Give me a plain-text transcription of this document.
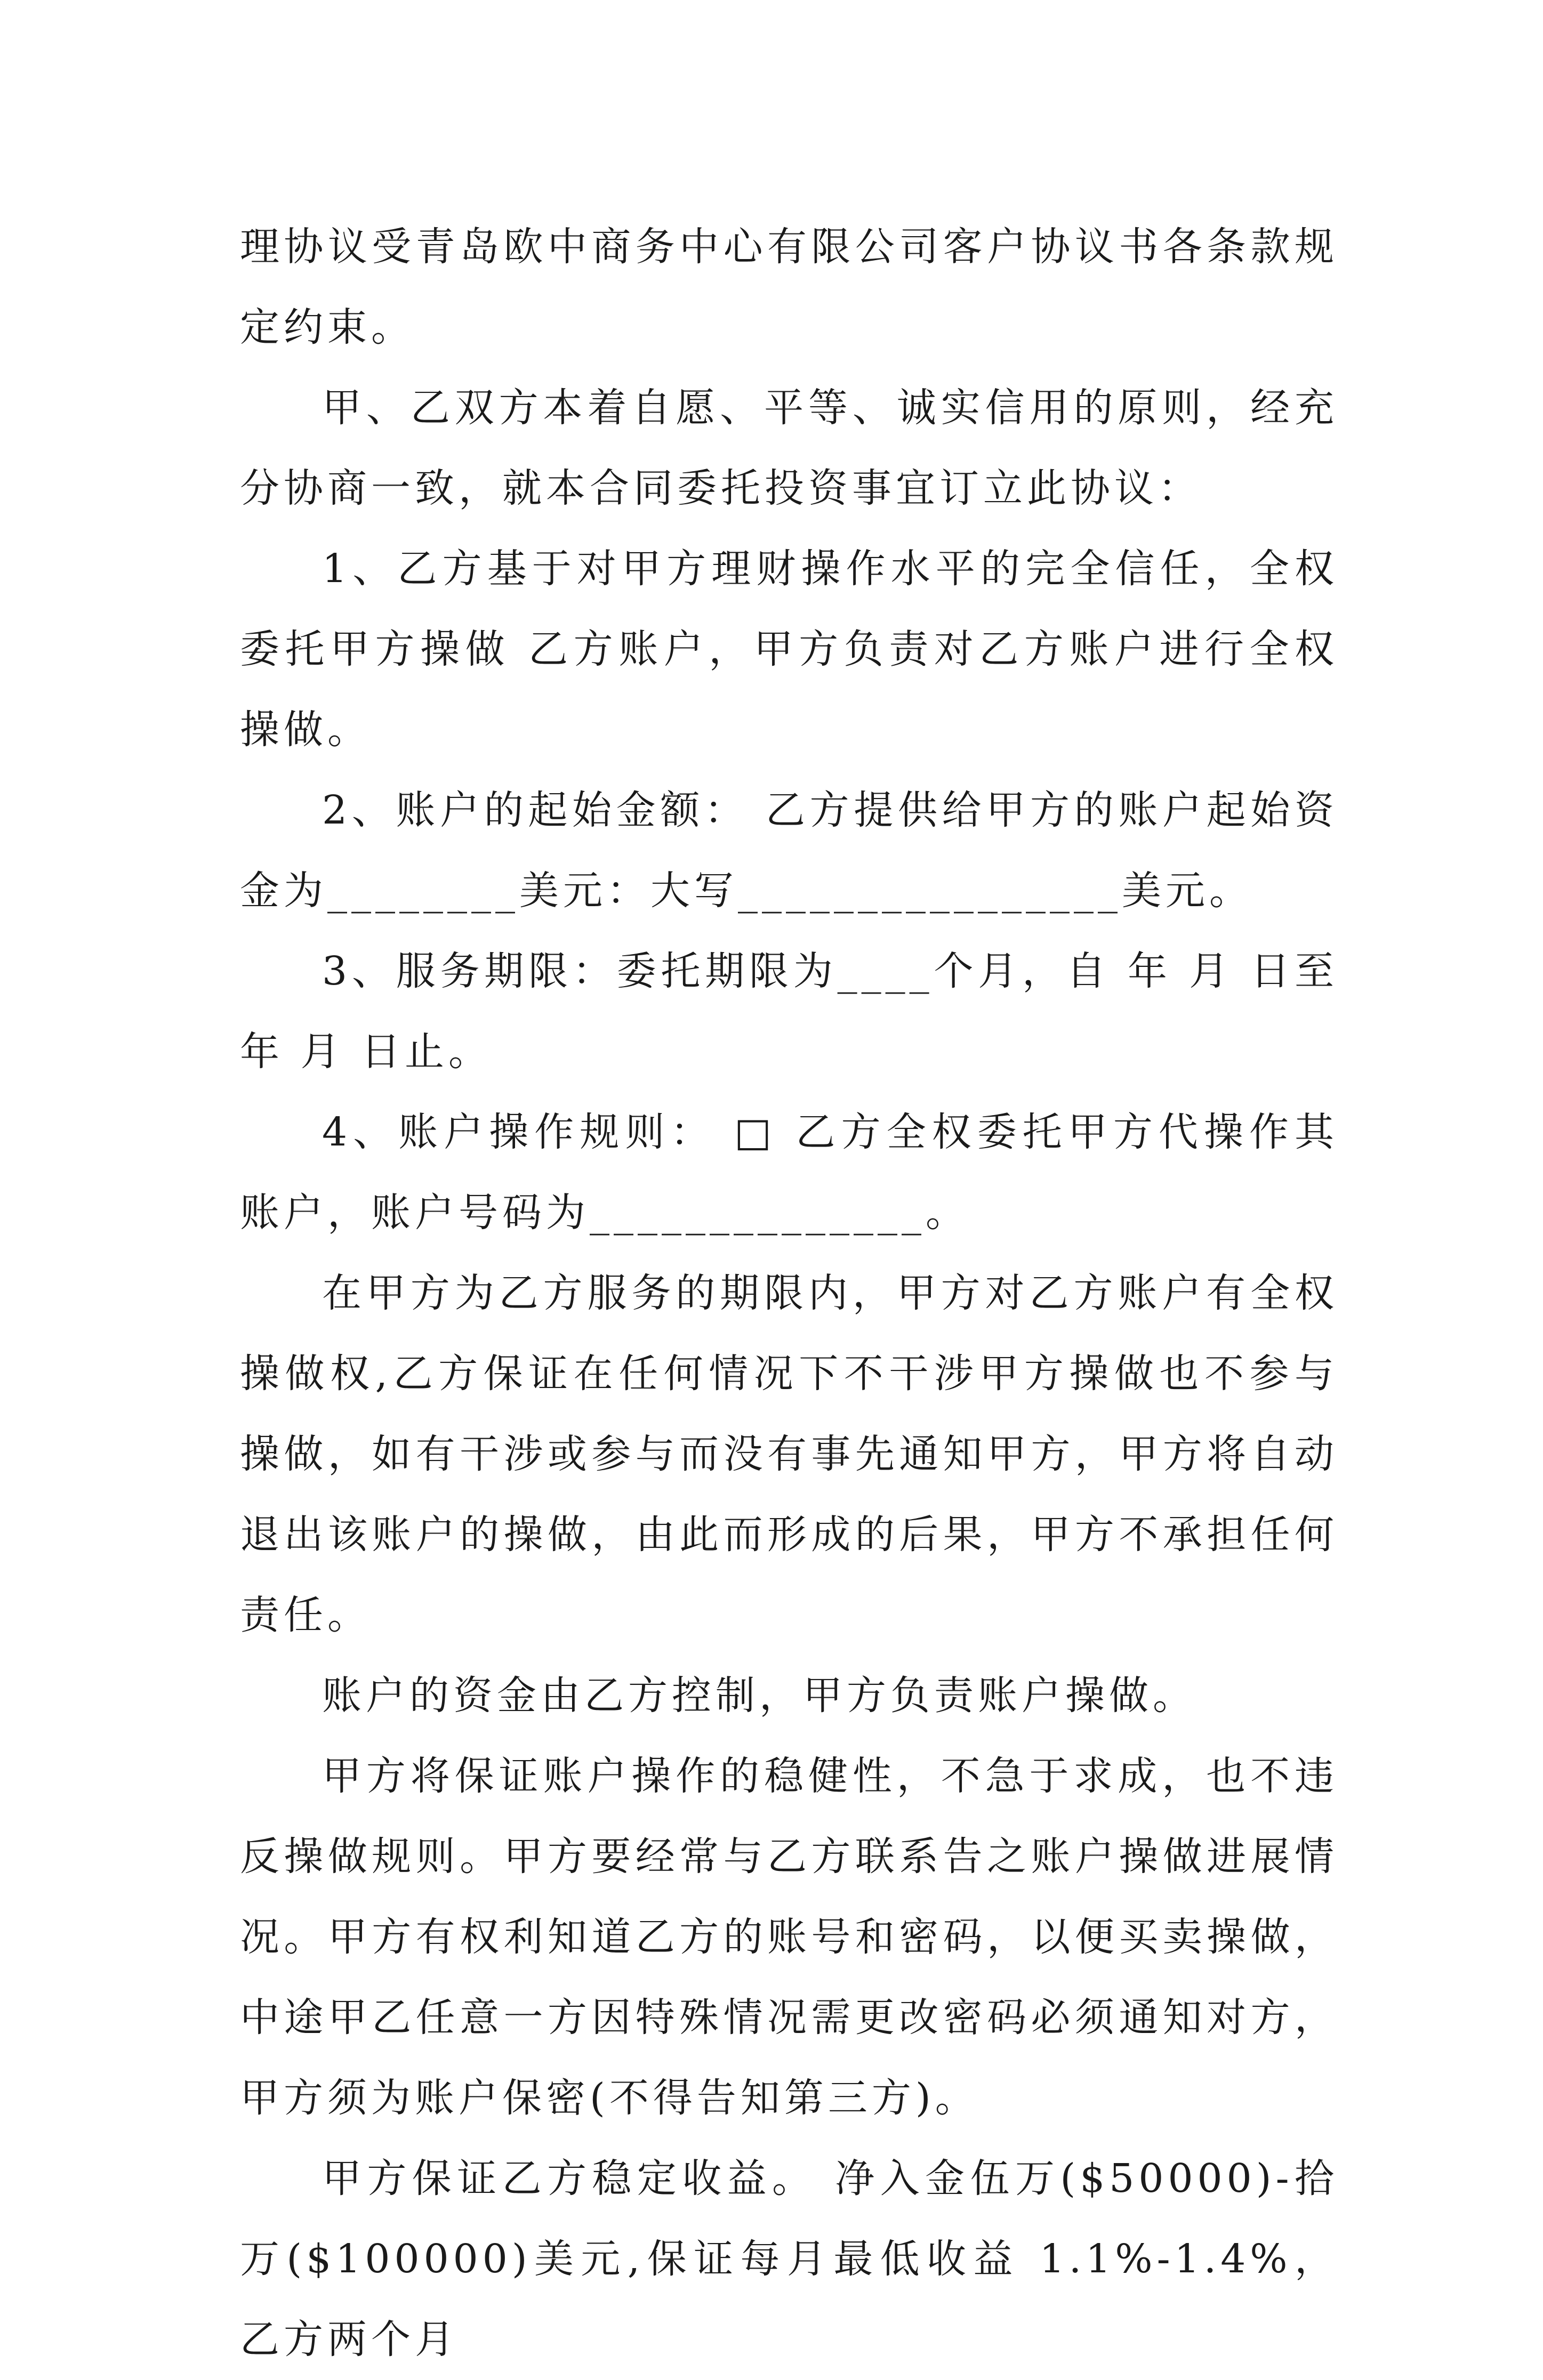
理协议受青岛欧中商务中心有限公司客户协议书各条款规定约束。

甲、乙双方本着自愿、平等、诚实信用的原则，经充分协商一致，就本合同委托投资事宜订立此协议：

1、乙方基于对甲方理财操作水平的完全信任，全权委托甲方操做 乙方账户，甲方负责对乙方账户进行全权操做。

2、账户的起始金额： 乙方提供给甲方的账户起始资金为________美元：大写________________美元。

3、服务期限：委托期限为____个月，自 年 月 日至 年 月 日止。

4、账户操作规则： □ 乙方全权委托甲方代操作其账户，账户号码为______________。

在甲方为乙方服务的期限内，甲方对乙方账户有全权操做权,乙方保证在任何情况下不干涉甲方操做也不参与操做，如有干涉或参与而没有事先通知甲方，甲方将自动退出该账户的操做，由此而形成的后果，甲方不承担任何责任。

账户的资金由乙方控制，甲方负责账户操做。

甲方将保证账户操作的稳健性，不急于求成，也不违反操做规则。甲方要经常与乙方联系告之账户操做进展情况。甲方有权利知道乙方的账号和密码，以便买卖操做，中途甲乙任意一方因特殊情况需更改密码必须通知对方，甲方须为账户保密(不得告知第三方)。

甲方保证乙方稳定收益。 净入金伍万($50000)-拾万($100000)美元,保证每月最低收益 1.1%-1.4%，乙方两个月
